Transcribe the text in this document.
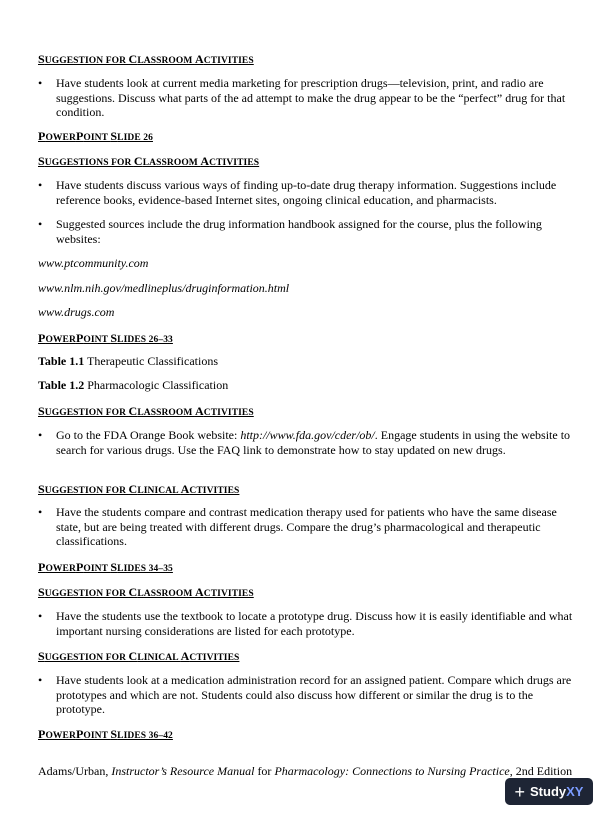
SUGGESTION FOR CLASSROOM ACTIVITIES
•	Have students look at current media marketing for prescription drugs—television, print, and radio are suggestions. Discuss what parts of the ad attempt to make the drug appear to be the “perfect” drug for that condition.
POWERPOINT SLIDE 26
SUGGESTIONS FOR CLASSROOM ACTIVITIES
•	Have students discuss various ways of finding up-to-date drug therapy information. Suggestions include reference books, evidence-based Internet sites, ongoing clinical education, and pharmacists.
•	Suggested sources include the drug information handbook assigned for the course, plus the following websites:
www.ptcommunity.com
www.nlm.nih.gov/medlineplus/druginformation.html
www.drugs.com
POWERPOINT SLIDES 26–33
Table 1.1 Therapeutic Classifications
Table 1.2 Pharmacologic Classification
SUGGESTION FOR CLASSROOM ACTIVITIES
•	Go to the FDA Orange Book website: http://www.fda.gov/cder/ob/. Engage students in using the website to search for various drugs. Use the FAQ link to demonstrate how to stay updated on new drugs.
SUGGESTION FOR CLINICAL ACTIVITIES
•	Have the students compare and contrast medication therapy used for patients who have the same disease state, but are being treated with different drugs. Compare the drug’s pharmacological and therapeutic classifications.
POWERPOINT SLIDES 34–35
SUGGESTION FOR CLASSROOM ACTIVITIES
•	Have the students use the textbook to locate a prototype drug. Discuss how it is easily identifiable and what important nursing considerations are listed for each prototype.
SUGGESTION FOR CLINICAL ACTIVITIES
•	Have students look at a medication administration record for an assigned patient. Compare which drugs are prototypes and which are not. Students could also discuss how different or similar the drug is to the prototype.
POWERPOINT SLIDES 36–42
Adams/Urban, Instructor’s Resource Manual for Pharmacology: Connections to Nursing Practice, 2nd Edition
+ StudyXY
